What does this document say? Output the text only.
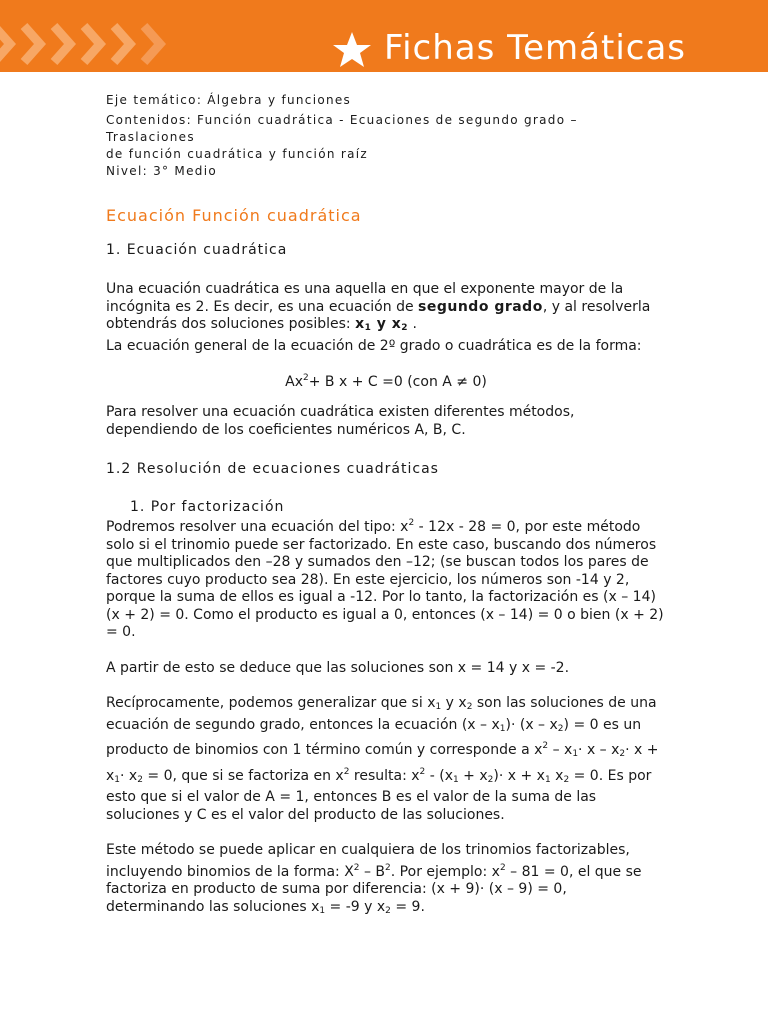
Fichas Temáticas

Eje temático: Álgebra y funciones

Contenidos: Función cuadrática - Ecuaciones de segundo grado – Traslaciones
de función cuadrática y función raíz

Nivel: 3° Medio

Ecuación Función cuadrática
1. Ecuación cuadrática

Una ecuación cuadrática es una aquella en que el exponente mayor de la incógnita es 2. Es decir, es una ecuación de segundo grado, y al resolverla obtendrás dos soluciones posibles: $x_1$ y $x_2$ .

La ecuación general de la ecuación de 2º grado o cuadrática es de la forma:

$Ax^2+ B$ x + C =0 (con A ≠ 0)

Para resolver una ecuación cuadrática existen diferentes métodos, dependiendo de los coeficientes numéricos A, B, C.

1.2 Resolución de ecuaciones cuadráticas
1. Por factorización

Podremos resolver una ecuación del tipo: $x^2 - 12x - 28 = 0$, por este método solo si el trinomio puede ser factorizado. En este caso, buscando dos números que multiplicados den –28 y sumados den –12; (se buscan todos los pares de factores cuyo producto sea 28). En este ejercicio, los números son -14 y 2, porque la suma de ellos es igual a -12. Por lo tanto, la factorización es (x – 14)(x + 2) = 0. Como el producto es igual a 0, entonces (x – 14) = 0 o bien (x + 2) = 0.

A partir de esto se deduce que las soluciones son x = 14 y x = -2.

Recíprocamente, podemos generalizar que si $x_1$ y $x_2$ son las soluciones de una ecuación de segundo grado, entonces la ecuación $(x - x_1)\cdot (x - x_2) = 0$ es un producto de binomios con 1 término común y corresponde a $x^2 - x_1\cdot x - x_2\cdot x + x_1\cdot x_2 = 0$, que si se factoriza en $x^2$ resulta: $x^2 - (x_1 + x_2)\cdot x + x_1$ $x_2 = 0$. Es por esto que si el valor de A = 1, entonces B es el valor de la suma de las soluciones y C es el valor del producto de las soluciones.

Este método se puede aplicar en cualquiera de los trinomios factorizables, incluyendo binomios de la forma: $X^2 - B^2$. Por ejemplo: $x^2 - 81 = 0$, el que se factoriza en producto de suma por diferencia: (x + 9)· (x – 9) = 0, determinando las soluciones $x_1 = -9$ y $x_2 = 9$.
